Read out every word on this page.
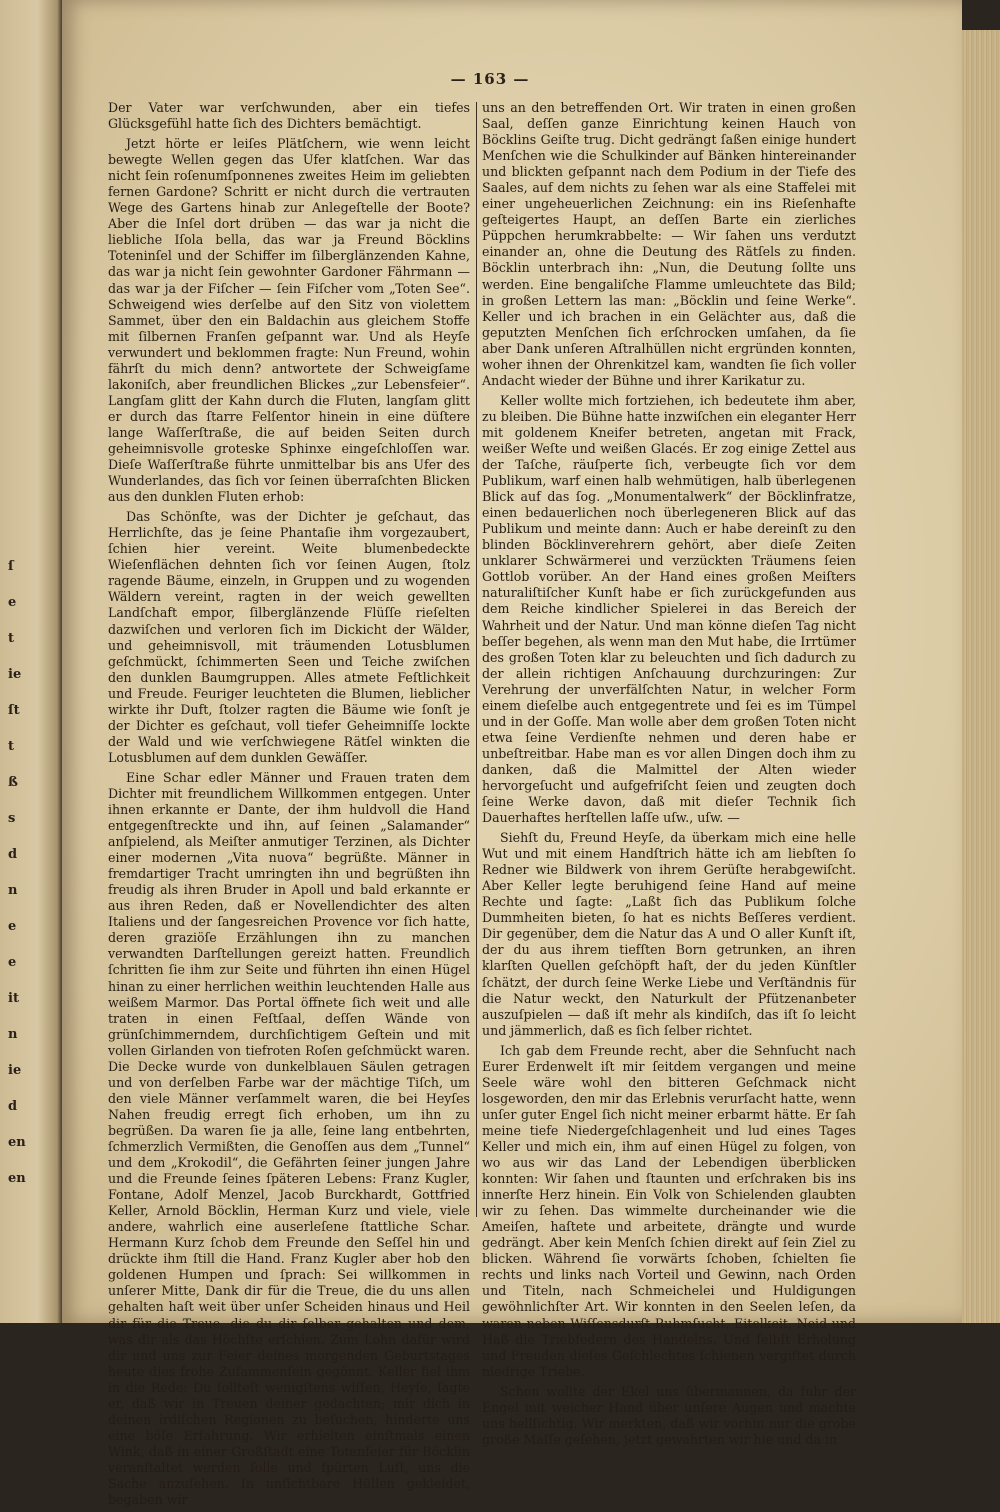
ſ
e
t
ie
ſt
t
ß
s
d
n
e
e
it
n
ie
d
en
en
— 163 —

Der Vater war verſchwunden, aber ein tiefes Glücksgefühl hatte ſich des Dichters bemächtigt.

Jetzt hörte er leiſes Plätſchern, wie wenn leicht bewegte Wellen gegen das Ufer klatſchen. War das nicht ſein roſenumſponnenes zweites Heim im geliebten fernen Gardone? Schritt er nicht durch die vertrauten Wege des Gartens hinab zur Anlegeſtelle der Boote? Aber die Inſel dort drüben — das war ja nicht die liebliche Iſola bella, das war ja Freund Böcklins Toteninſel und der Schiffer im ſilberglänzenden Kahne, das war ja nicht ſein gewohnter Gardoner Fährmann — das war ja der Fiſcher — ſein Fiſcher vom „Toten See“. Schweigend wies derſelbe auf den Sitz von violettem Sammet, über den ein Baldachin aus gleichem Stoffe mit ſilbernen Franſen geſpannt war. Und als Heyſe verwundert und beklommen fragte: Nun Freund, wohin fährſt du mich denn? antwortete der Schweigſame lakoniſch, aber freundlichen Blickes „zur Lebensfeier“. Langſam glitt der Kahn durch die Fluten, langſam glitt er durch das ſtarre Felſentor hinein in eine düſtere lange Waſſerſtraße, die auf beiden Seiten durch geheimnisvolle groteske Sphinxe eingeſchloſſen war. Dieſe Waſſerſtraße führte unmittelbar bis ans Ufer des Wunderlandes, das ſich vor ſeinen überraſchten Blicken aus den dunklen Fluten erhob:

Das Schönſte, was der Dichter je geſchaut, das Herrlichſte, das je ſeine Phantaſie ihm vorgezaubert, ſchien hier vereint. Weite blumenbedeckte Wieſenflächen dehnten ſich vor ſeinen Augen, ſtolz ragende Bäume, einzeln, in Gruppen und zu wogenden Wäldern vereint, ragten in der weich gewellten Landſchaft empor, ſilberglänzende Flüſſe rieſelten dazwiſchen und verloren ſich im Dickicht der Wälder, und geheimnisvoll, mit träumenden Lotusblumen geſchmückt, ſchimmerten Seen und Teiche zwiſchen den dunklen Baumgruppen. Alles atmete Feſtlichkeit und Freude. Feuriger leuchteten die Blumen, lieblicher wirkte ihr Duft, ſtolzer ragten die Bäume wie ſonſt je der Dichter es geſchaut, voll tiefer Geheimniſſe lockte der Wald und wie verſchwiegene Rätſel winkten die Lotusblumen auf dem dunklen Gewäſſer.

Eine Schar edler Männer und Frauen traten dem Dichter mit freundlichem Willkommen entgegen. Unter ihnen erkannte er Dante, der ihm huldvoll die Hand entgegenſtreckte und ihn, auf ſeinen „Salamander“ anſpielend, als Meiſter anmutiger Terzinen, als Dichter einer modernen „Vita nuova“ begrüßte. Männer in fremdartiger Tracht umringten ihn und begrüßten ihn freudig als ihren Bruder in Apoll und bald erkannte er aus ihren Reden, daß er Novellendichter des alten Italiens und der ſangesreichen Provence vor ſich hatte, deren graziöſe Erzählungen ihn zu manchen verwandten Darſtellungen gereizt hatten. Freundlich ſchritten ſie ihm zur Seite und führten ihn einen Hügel hinan zu einer herrlichen weithin leuchtenden Halle aus weißem Marmor. Das Portal öffnete ſich weit und alle traten in einen Feſtſaal, deſſen Wände von grünſchimmerndem, durchſichtigem Geſtein und mit vollen Girlanden von tiefroten Roſen geſchmückt waren. Die Decke wurde von dunkelblauen Säulen getragen und von derſelben Farbe war der mächtige Tiſch, um den viele Männer verſammelt waren, die bei Heyſes Nahen freudig erregt ſich erhoben, um ihn zu begrüßen. Da waren ſie ja alle, ſeine lang entbehrten, ſchmerzlich Vermißten, die Genoſſen aus dem „Tunnel“ und dem „Krokodil“, die Gefährten ſeiner jungen Jahre und die Freunde ſeines ſpäteren Lebens: Franz Kugler, Fontane, Adolf Menzel, Jacob Burckhardt, Gottfried Keller, Arnold Böcklin, Herman Kurz und viele, viele andere, wahrlich eine auserleſene ſtattliche Schar. Hermann Kurz ſchob dem Freunde den Seſſel hin und drückte ihm ſtill die Hand. Franz Kugler aber hob den goldenen Humpen und ſprach: Sei willkommen in unſerer Mitte, Dank dir für die Treue, die du uns allen gehalten haſt weit über unſer Scheiden hinaus und Heil dir für die Treue, die du dir ſelber gehalten und dem, was dir als das Höchſte erſchien. Zum Lohn dafür wird dir und uns zur Feier deines morgenden Geburtstages heute dies frohe Zuſammenſein gegönnt. Keller fiel ihm in die Rede: Du ſollteſt wenigſtens wiſſen, Heyſe, ſagte er, daß wir in Treuen deiner gedachten; mir dich in deinen irdiſchen Regionen zu beſuchen, hinderte uns eine böſe Erfahrung. Wir erhielten einſtmals einen Wink, daß in einer Großſtadt eine Totenfeier für Böcklin veranſtaltet werden ſolle und ſpürten Luſt, uns die Sache anzuſehen. In unſichtbare Hüllen gekleidet, begaben wir

uns an den betreffenden Ort. Wir traten in einen großen Saal, deſſen ganze Einrichtung keinen Hauch von Böcklins Geiſte trug. Dicht gedrängt ſaßen einige hundert Menſchen wie die Schulkinder auf Bänken hintereinander und blickten geſpannt nach dem Podium in der Tiefe des Saales, auf dem nichts zu ſehen war als eine Staffelei mit einer ungeheuerlichen Zeichnung: ein ins Rieſenhafte geſteigertes Haupt, an deſſen Barte ein zierliches Püppchen herumkrabbelte: — Wir ſahen uns verdutzt einander an, ohne die Deutung des Rätſels zu finden. Böcklin unterbrach ihn: „Nun, die Deutung ſollte uns werden. Eine bengaliſche Flamme umleuchtete das Bild; in großen Lettern las man: „Böcklin und ſeine Werke“. Keller und ich brachen in ein Gelächter aus, daß die geputzten Menſchen ſich erſchrocken umſahen, da ſie aber Dank unſeren Aſtralhüllen nicht ergründen konnten, woher ihnen der Ohrenkitzel kam, wandten ſie ſich voller Andacht wieder der Bühne und ihrer Karikatur zu.

Keller wollte mich fortziehen, ich bedeutete ihm aber, zu bleiben. Die Bühne hatte inzwiſchen ein eleganter Herr mit goldenem Kneifer betreten, angetan mit Frack, weißer Weſte und weißen Glacés. Er zog einige Zettel aus der Taſche, räuſperte ſich, verbeugte ſich vor dem Publikum, warf einen halb wehmütigen, halb überlegenen Blick auf das ſog. „Monumentalwerk“ der Böcklinfratze, einen bedauerlichen noch überlegeneren Blick auf das Publikum und meinte dann: Auch er habe dereinſt zu den blinden Böcklinverehrern gehört, aber dieſe Zeiten unklarer Schwärmerei und verzückten Träumens ſeien Gottlob vorüber. An der Hand eines großen Meiſters naturaliſtiſcher Kunſt habe er ſich zurückgefunden aus dem Reiche kindlicher Spielerei in das Bereich der Wahrheit und der Natur. Und man könne dieſen Tag nicht beſſer begehen, als wenn man den Mut habe, die Irrtümer des großen Toten klar zu beleuchten und ſich dadurch zu der allein richtigen Anſchauung durchzuringen: Zur Verehrung der unverfälſchten Natur, in welcher Form einem dieſelbe auch entgegentrete und ſei es im Tümpel und in der Goſſe. Man wolle aber dem großen Toten nicht etwa ſeine Verdienſte nehmen und deren habe er unbeſtreitbar. Habe man es vor allen Dingen doch ihm zu danken, daß die Malmittel der Alten wieder hervorgeſucht und aufgefriſcht ſeien und zeugten doch ſeine Werke davon, daß mit dieſer Technik ſich Dauerhaftes herſtellen laſſe uſw., uſw. —

Siehſt du, Freund Heyſe, da überkam mich eine helle Wut und mit einem Handſtrich hätte ich am liebſten ſo Redner wie Bildwerk von ihrem Gerüſte herabgewiſcht. Aber Keller legte beruhigend ſeine Hand auf meine Rechte und ſagte: „Laßt ſich das Publikum ſolche Dummheiten bieten, ſo hat es nichts Beſſeres verdient. Dir gegenüber, dem die Natur das A und O aller Kunſt iſt, der du aus ihrem tiefſten Born getrunken, an ihren klarſten Quellen geſchöpft haſt, der du jeden Künſtler ſchätzt, der durch ſeine Werke Liebe und Verſtändnis für die Natur weckt, den Naturkult der Pfützenanbeter auszuſpielen — daß iſt mehr als kindiſch, das iſt ſo leicht und jämmerlich, daß es ſich ſelber richtet.

Ich gab dem Freunde recht, aber die Sehnſucht nach Eurer Erdenwelt iſt mir ſeitdem vergangen und meine Seele wäre wohl den bitteren Geſchmack nicht losgeworden, den mir das Erlebnis verurſacht hatte, wenn unſer guter Engel ſich nicht meiner erbarmt hätte. Er ſah meine tiefe Niedergeſchlagenheit und lud eines Tages Keller und mich ein, ihm auf einen Hügel zu folgen, von wo aus wir das Land der Lebendigen überblicken konnten: Wir ſahen und ſtaunten und erſchraken bis ins innerſte Herz hinein. Ein Volk von Schielenden glaubten wir zu ſehen. Das wimmelte durcheinander wie die Ameiſen, haſtete und arbeitete, drängte und wurde gedrängt. Aber kein Menſch ſchien direkt auf ſein Ziel zu blicken. Während ſie vorwärts ſchoben, ſchielten ſie rechts und links nach Vorteil und Gewinn, nach Orden und Titeln, nach Schmeichelei und Huldigungen gewöhnlichſter Art. Wir konnten in den Seelen leſen, da waren neben Wiſſensdurſt Ruhmſucht, Eitelkeit, Neid und Haß die Triebfedern des Handelns. Und ſelbſt Erholung und Freuden dieſes Geſchlechtes ſchienen vergiftet durch niedrige Triebe.

Schon wollte der Ekel uns übermannen, da fuhr der Engel mit weicher Hand über unſere Augen und machte uns hellſichtig. Wir merkten, daß wir vorhin nur die grobe große Maſſe geſehen, jetzt gewahrten wir hie und da in
